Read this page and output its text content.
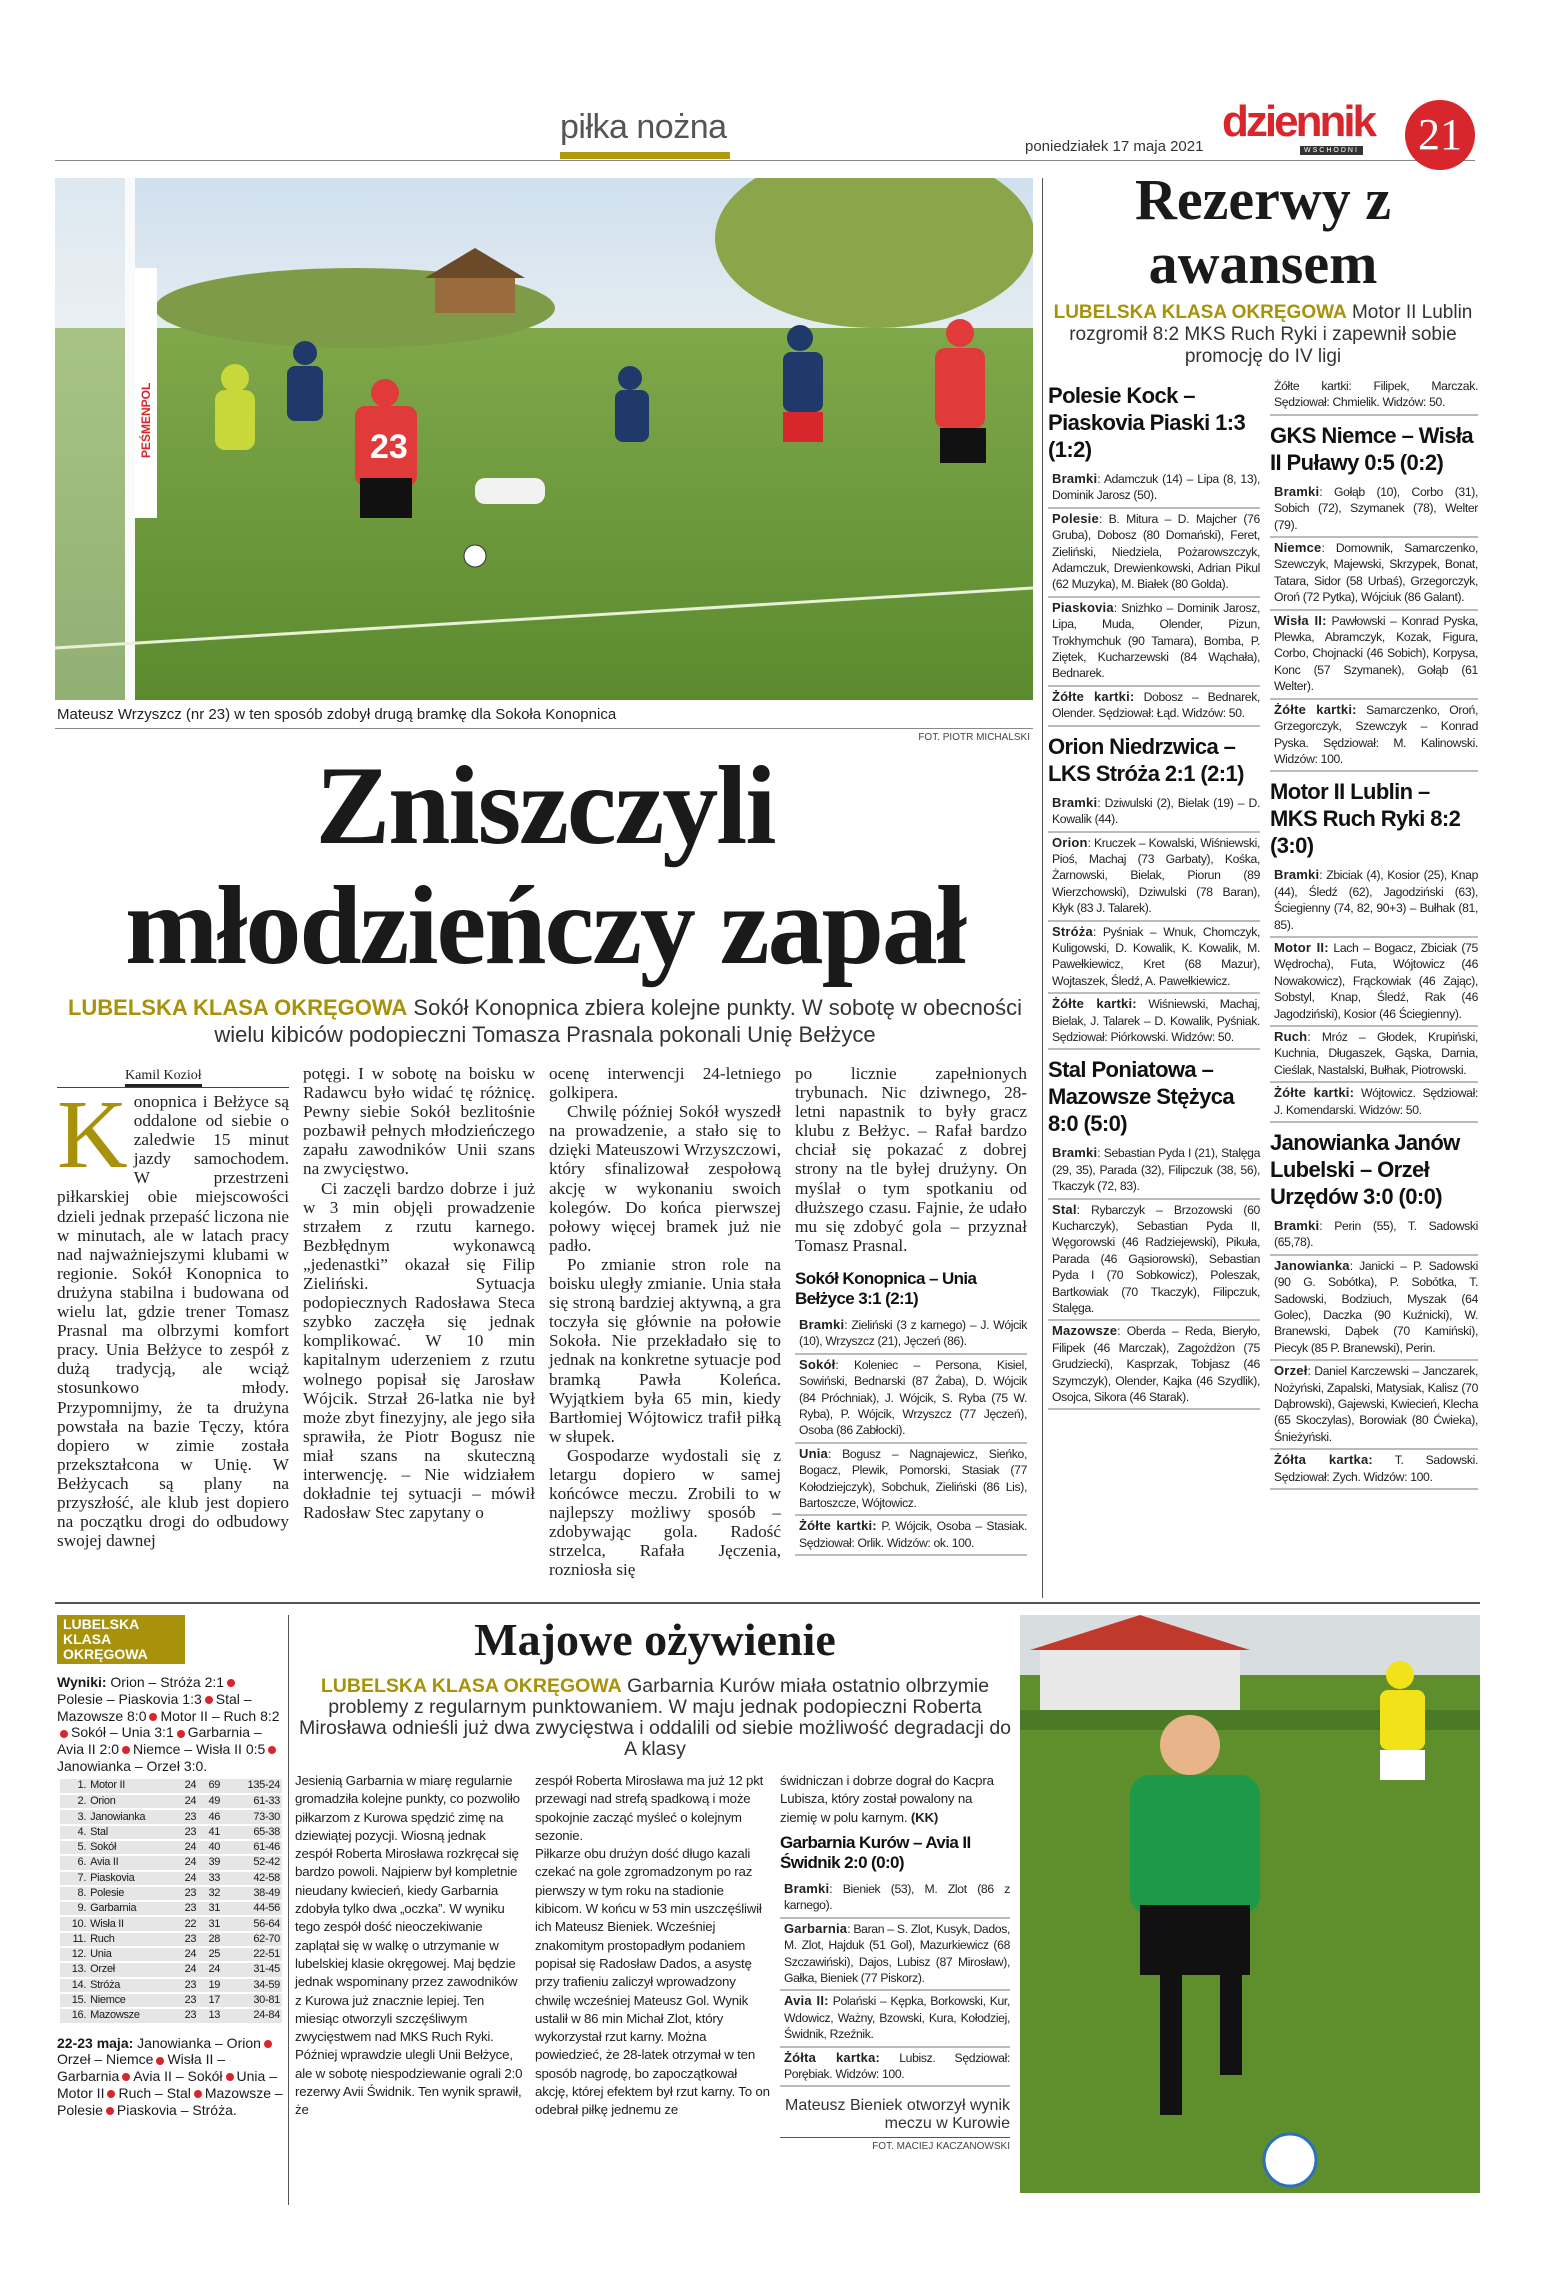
piłka nożna
poniedziałek 17 maja 2021
dziennik
WSCHODNI 21
PEŚMENPOL	23
Mateusz Wrzyszcz (nr 23) w ten sposób zdobył drugą bramkę dla Sokoła Konopnica
FOT. PIOTR MICHALSKI
Zniszczyli młodzieńczy zapał
LUBELSKA KLASA OKRĘGOWA Sokół Konopnica zbiera kolejne punkty. W sobotę w obecności wielu kibiców podopieczni Tomasza Prasnala pokonali Unię Bełżyce
Kamil Kozioł
K onopnica i Bełżyce są oddalone od siebie o zaledwie 15 minut jazdy samochodem. W przestrzeni piłkarskiej obie miejscowości dzieli jednak przepaść liczona nie w minutach, ale w latach pracy nad najważniejszymi klubami w regionie. Sokół Konopnica to drużyna stabilna i budowana od wielu lat, gdzie trener Tomasz Prasnal ma olbrzymi komfort pracy. Unia Bełżyce to zespół z dużą tradycją, ale wciąż stosunkowo młody. Przypomnijmy, że ta drużyna powstała na bazie Tęczy, która dopiero w zimie została przekształcona w Unię. W Bełżycach są plany na przyszłość, ale klub jest dopiero na początku drogi do odbudowy swojej dawnej

potęgi. I w sobotę na boisku w Radawcu było widać tę różnicę. Pewny siebie Sokół bezlitośnie pozbawił pełnych młodzieńczego zapału zawodników Unii szans na zwycięstwo.

Ci zaczęli bardzo dobrze i już w 3 min objęli prowadzenie strzałem z rzutu karnego. Bezbłędnym wykonawcą „jedenastki” okazał się Filip Zieliński. Sytuacja podopiecznych Radosława Steca szybko zaczęła się jednak komplikować. W 10 min kapitalnym uderzeniem z rzutu wolnego popisał się Jarosław Wójcik. Strzał 26-latka nie był może zbyt finezyjny, ale jego siła sprawiła, że Piotr Bogusz nie miał szans na skuteczną interwencję. – Nie widziałem dokładnie tej sytuacji – mówił Radosław Stec zapytany o

ocenę interwencji 24-letniego golkipera.

Chwilę później Sokół wyszedł na prowadzenie, a stało się to dzięki Mateuszowi Wrzyszczowi, który sfinalizował zespołową akcję w wykonaniu swoich kolegów. Do końca pierwszej połowy więcej bramek już nie padło.

Po zmianie stron role na boisku uległy zmianie. Unia stała się stroną bardziej aktywną, a gra toczyła się głównie na połowie Sokoła. Nie przekładało się to jednak na konkretne sytuacje pod bramką Pawła Koleńca. Wyjątkiem była 65 min, kiedy Bartłomiej Wójtowicz trafił piłką w słupek.

Gospodarze wydostali się z letargu dopiero w samej końcówce meczu. Zrobili to w najlepszy możliwy sposób – zdobywając gola. Radość strzelca, Rafała Jęczenia, rozniosła się

po licznie zapełnionych trybunach. Nic dziwnego, 28-letni napastnik to były gracz klubu z Bełżyc. – Rafał bardzo chciał się pokazać z dobrej strony na tle byłej drużyny. On myślał o tym spotkaniu od dłuższego czasu. Fajnie, że udało mu się zdobyć gola – przyznał Tomasz Prasnal.

Sokół Konopnica – Unia Bełżyce 3:1 (2:1)
Bramki: Zieliński (3 z karnego) – J. Wójcik (10), Wrzyszcz (21), Jęczeń (86).
Sokół: Koleniec – Persona, Kisiel, Sowiński, Bednarski (87 Żaba), D. Wójcik (84 Próchniak), J. Wójcik, S. Ryba (75 W. Ryba), P. Wójcik, Wrzyszcz (77 Jęczeń), Osoba (86 Zabłocki).
Unia: Bogusz – Nagnajewicz, Sieńko, Bogacz, Plewik, Pomorski, Stasiak (77 Kołodziejczyk), Sobchuk, Zieliński (86 Lis), Bartoszcze, Wójtowicz.
Żółte kartki: P. Wójcik, Osoba – Stasiak. Sędziował: Orlik. Widzów: ok. 100.
Rezerwy z awansem
LUBELSKA KLASA OKRĘGOWA Motor II Lublin rozgromił 8:2 MKS Ruch Ryki i zapewnił sobie promocję do IV ligi
Polesie Kock – Piaskovia Piaski 1:3 (1:2)
Bramki: Adamczuk (14) – Lipa (8, 13), Dominik Jarosz (50).
Polesie: B. Mitura – D. Majcher (76 Gruba), Dobosz (80 Domański), Feret, Zieliński, Niedziela, Pożarowszczyk, Adamczuk, Drewienkowski, Adrian Pikul (62 Muzyka), M. Białek (80 Golda).
Piaskovia: Snizhko – Dominik Jarosz, Lipa, Muda, Olender, Pizun, Trokhymchuk (90 Tamara), Bomba, P. Ziętek, Kucharzewski (84 Wąchała), Bednarek.
Żółte kartki: Dobosz – Bednarek, Olender. Sędziował: Łąd. Widzów: 50.
Orion Niedrzwica – LKS Stróża 2:1 (2:1)
Bramki: Dziwulski (2), Bielak (19) – D. Kowalik (44).
Orion: Kruczek – Kowalski, Wiśniewski, Pioś, Machaj (73 Garbaty), Kośka, Żarnowski, Bielak, Piorun (89 Wierzchowski), Dziwulski (78 Baran), Kłyk (83 J. Talarek).
Stróża: Pyśniak – Wnuk, Chomczyk, Kuligowski, D. Kowalik, K. Kowalik, M. Pawełkiewicz, Kret (68 Mazur), Wojtaszek, Śledź, A. Pawełkiewicz.
Żółte kartki: Wiśniewski, Machaj, Bielak, J. Talarek – D. Kowalik, Pyśniak. Sędziował: Piórkowski. Widzów: 50.
Stal Poniatowa – Mazowsze Stężyca 8:0 (5:0)
Bramki: Sebastian Pyda I (21), Stalęga (29, 35), Parada (32), Filipczuk (38, 56), Tkaczyk (72, 83).
Stal: Rybarczyk – Brzozowski (60 Kucharczyk), Sebastian Pyda II, Węgorowski (46 Radziejewski), Pikuła, Parada (46 Gąsiorowski), Sebastian Pyda I (70 Sobkowicz), Poleszak, Bartkowiak (70 Tkaczyk), Filipczuk, Stalęga.
Mazowsze: Oberda – Reda, Bieryło, Filipek (46 Marczak), Zagożdżon (75 Grudziecki), Kasprzak, Tobjasz (46 Szymczyk), Olender, Kajka (46 Szydlik), Osojca, Sikora (46 Starak).
Żółte kartki: Filipek, Marczak. Sędziował: Chmielik. Widzów: 50.
GKS Niemce – Wisła II Puławy 0:5 (0:2)
Bramki: Gołąb (10), Corbo (31), Sobich (72), Szymanek (78), Welter (79).
Niemce: Domownik, Samarczenko, Szewczyk, Majewski, Skrzypek, Bonat, Tatara, Sidor (58 Urbaś), Grzegorczyk, Oroń (72 Pytka), Wójciuk (86 Galant).
Wisła II: Pawłowski – Konrad Pyska, Plewka, Abramczyk, Kozak, Figura, Corbo, Chojnacki (46 Sobich), Korpysa, Konc (57 Szymanek), Gołąb (61 Welter).
Żółte kartki: Samarczenko, Oroń, Grzegorczyk, Szewczyk – Konrad Pyska. Sędziował: M. Kalinowski. Widzów: 100.
Motor II Lublin – MKS Ruch Ryki 8:2 (3:0)
Bramki: Zbiciak (4), Kosior (25), Knap (44), Śledź (62), Jagodziński (63), Ściegienny (74, 82, 90+3) – Bułhak (81, 85).
Motor II: Lach – Bogacz, Zbiciak (75 Wędrocha), Futa, Wójtowicz (46 Nowakowicz), Frąckowiak (46 Zając), Sobstyl, Knap, Śledź, Rak (46 Jagodziński), Kosior (46 Ściegienny).
Ruch: Mróz – Głodek, Krupiński, Kuchnia, Długaszek, Gąska, Darnia, Cieślak, Nastalski, Bułhak, Piotrowski.
Żółte kartki: Wójtowicz. Sędziował: J. Komendarski. Widzów: 50.
Janowianka Janów Lubelski – Orzeł Urzędów 3:0 (0:0)
Bramki: Perin (55), T. Sadowski (65,78).
Janowianka: Janicki – P. Sadowski (90 G. Sobótka), P. Sobótka, T. Sadowski, Bodziuch, Myszak (64 Golec), Daczka (90 Kuźnicki), W. Branewski, Dąbek (70 Kamiński), Piecyk (85 P. Branewski), Perin.
Orzeł: Daniel Karczewski – Janczarek, Nożyński, Zapalski, Matysiak, Kalisz (70 Dąbrowski), Gajewski, Kwiecień, Klecha (65 Skoczylas), Borowiak (80 Ćwieka), Śnieżyński.
Żółta kartka: T. Sadowski. Sędziował: Zych. Widzów: 100.
LUBELSKA KLASA OKRĘGOWA
Wyniki: Orion – Stróża 2:1Polesie – Piaskovia 1:3 Stal – Mazowsze 8:0 Motor II – Ruch 8:2Sokół – Unia 3:1 Garbarnia – Avia II 2:0 Niemce – Wisła II 0:5Janowianka – Orzeł 3:0.
1.	Motor II	24	69	135-24
2.	Orion	24	49	61-33
3.	Janowianka	23	46	73-30
4.	Stal	23	41	65-38
5.	Sokół	24	40	61-46
6.	Avia II	24	39	52-42
7.	Piaskovia	24	33	42-58
8.	Polesie	23	32	38-49
9.	Garbarnia	23	31	44-56
10.	Wisła II	22	31	56-64
11.	Ruch	23	28	62-70
12.	Unia	24	25	22-51
13.	Orzeł	24	24	31-45
14.	Stróża	23	19	34-59
15.	Niemce	23	17	30-81
16.	Mazowsze	23	13	24-84
22-23 maja: Janowianka – OrionOrzeł – Niemce Wisła II – Garbarnia Avia II – Sokół Unia – Motor II Ruch – Stal Mazowsze – Polesie Piaskovia – Stróża.
Majowe ożywienie
LUBELSKA KLASA OKRĘGOWA Garbarnia Kurów miała ostatnio olbrzymie problemy z regularnym punktowaniem. W maju jednak podopieczni Roberta Mirosława odnieśli już dwa zwycięstwa i oddalili od siebie możliwość degradacji do A klasy

Jesienią Garbarnia w miarę regularnie gromadziła kolejne punkty, co pozwoliło piłkarzom z Kurowa spędzić zimę na dziewiątej pozycji. Wiosną jednak zespół Roberta Mirosława rozkręcał się bardzo powoli. Najpierw był kompletnie nieudany kwiecień, kiedy Garbarnia zdobyła tylko dwa „oczka”. W wyniku tego zespół dość nieoczekiwanie zaplątał się w walkę o utrzymanie w lubelskiej klasie okręgowej. Maj będzie jednak wspominany przez zawodników z Kurowa już znacznie lepiej. Ten miesiąc otworzyli szczęśliwym zwycięstwem nad MKS Ruch Ryki. Później wprawdzie ulegli Unii Bełżyce, ale w sobotę niespodziewanie ograli 2:0 rezerwy Avii Świdnik. Ten wynik sprawił, że

zespół Roberta Mirosława ma już 12 pkt przewagi nad strefą spadkową i może spokojnie zacząć myśleć o kolejnym sezonie.

Piłkarze obu drużyn dość długo kazali czekać na gole zgromadzonym po raz pierwszy w tym roku na stadionie kibicom. W końcu w 53 min uszczęśliwił ich Mateusz Bieniek. Wcześniej znakomitym prostopadłym podaniem popisał się Radosław Dados, a asystę przy trafieniu zaliczył wprowadzony chwilę wcześniej Mateusz Gol. Wynik ustalił w 86 min Michał Zlot, który wykorzystał rzut karny. Można powiedzieć, że 28-latek otrzymał w ten sposób nagrodę, bo zapoczątkował akcję, której efektem był rzut karny. To on odebrał piłkę jednemu ze

świdniczan i dobrze dograł do Kacpra Lubisza, który został powalony na ziemię w polu karnym. (KK)

Garbarnia Kurów – Avia II Świdnik 2:0 (0:0)
Bramki: Bieniek (53), M. Zlot (86 z karnego).
Garbarnia: Baran – S. Zlot, Kusyk, Dados, M. Zlot, Hajduk (51 Gol), Mazurkiewicz (68 Szczawiński), Dajos, Lubisz (87 Mirosław), Gałka, Bieniek (77 Piskorz).
Avia II: Polański – Kępka, Borkowski, Kur, Wdowicz, Ważny, Bzowski, Kura, Kołodziej, Świdnik, Rzeźnik.
Żółta kartka: Lubisz. Sędziował: Porębiak. Widzów: 100.
Mateusz Bieniek otworzył wynik meczu w Kurowie
FOT. MACIEJ KACZANOWSKI
